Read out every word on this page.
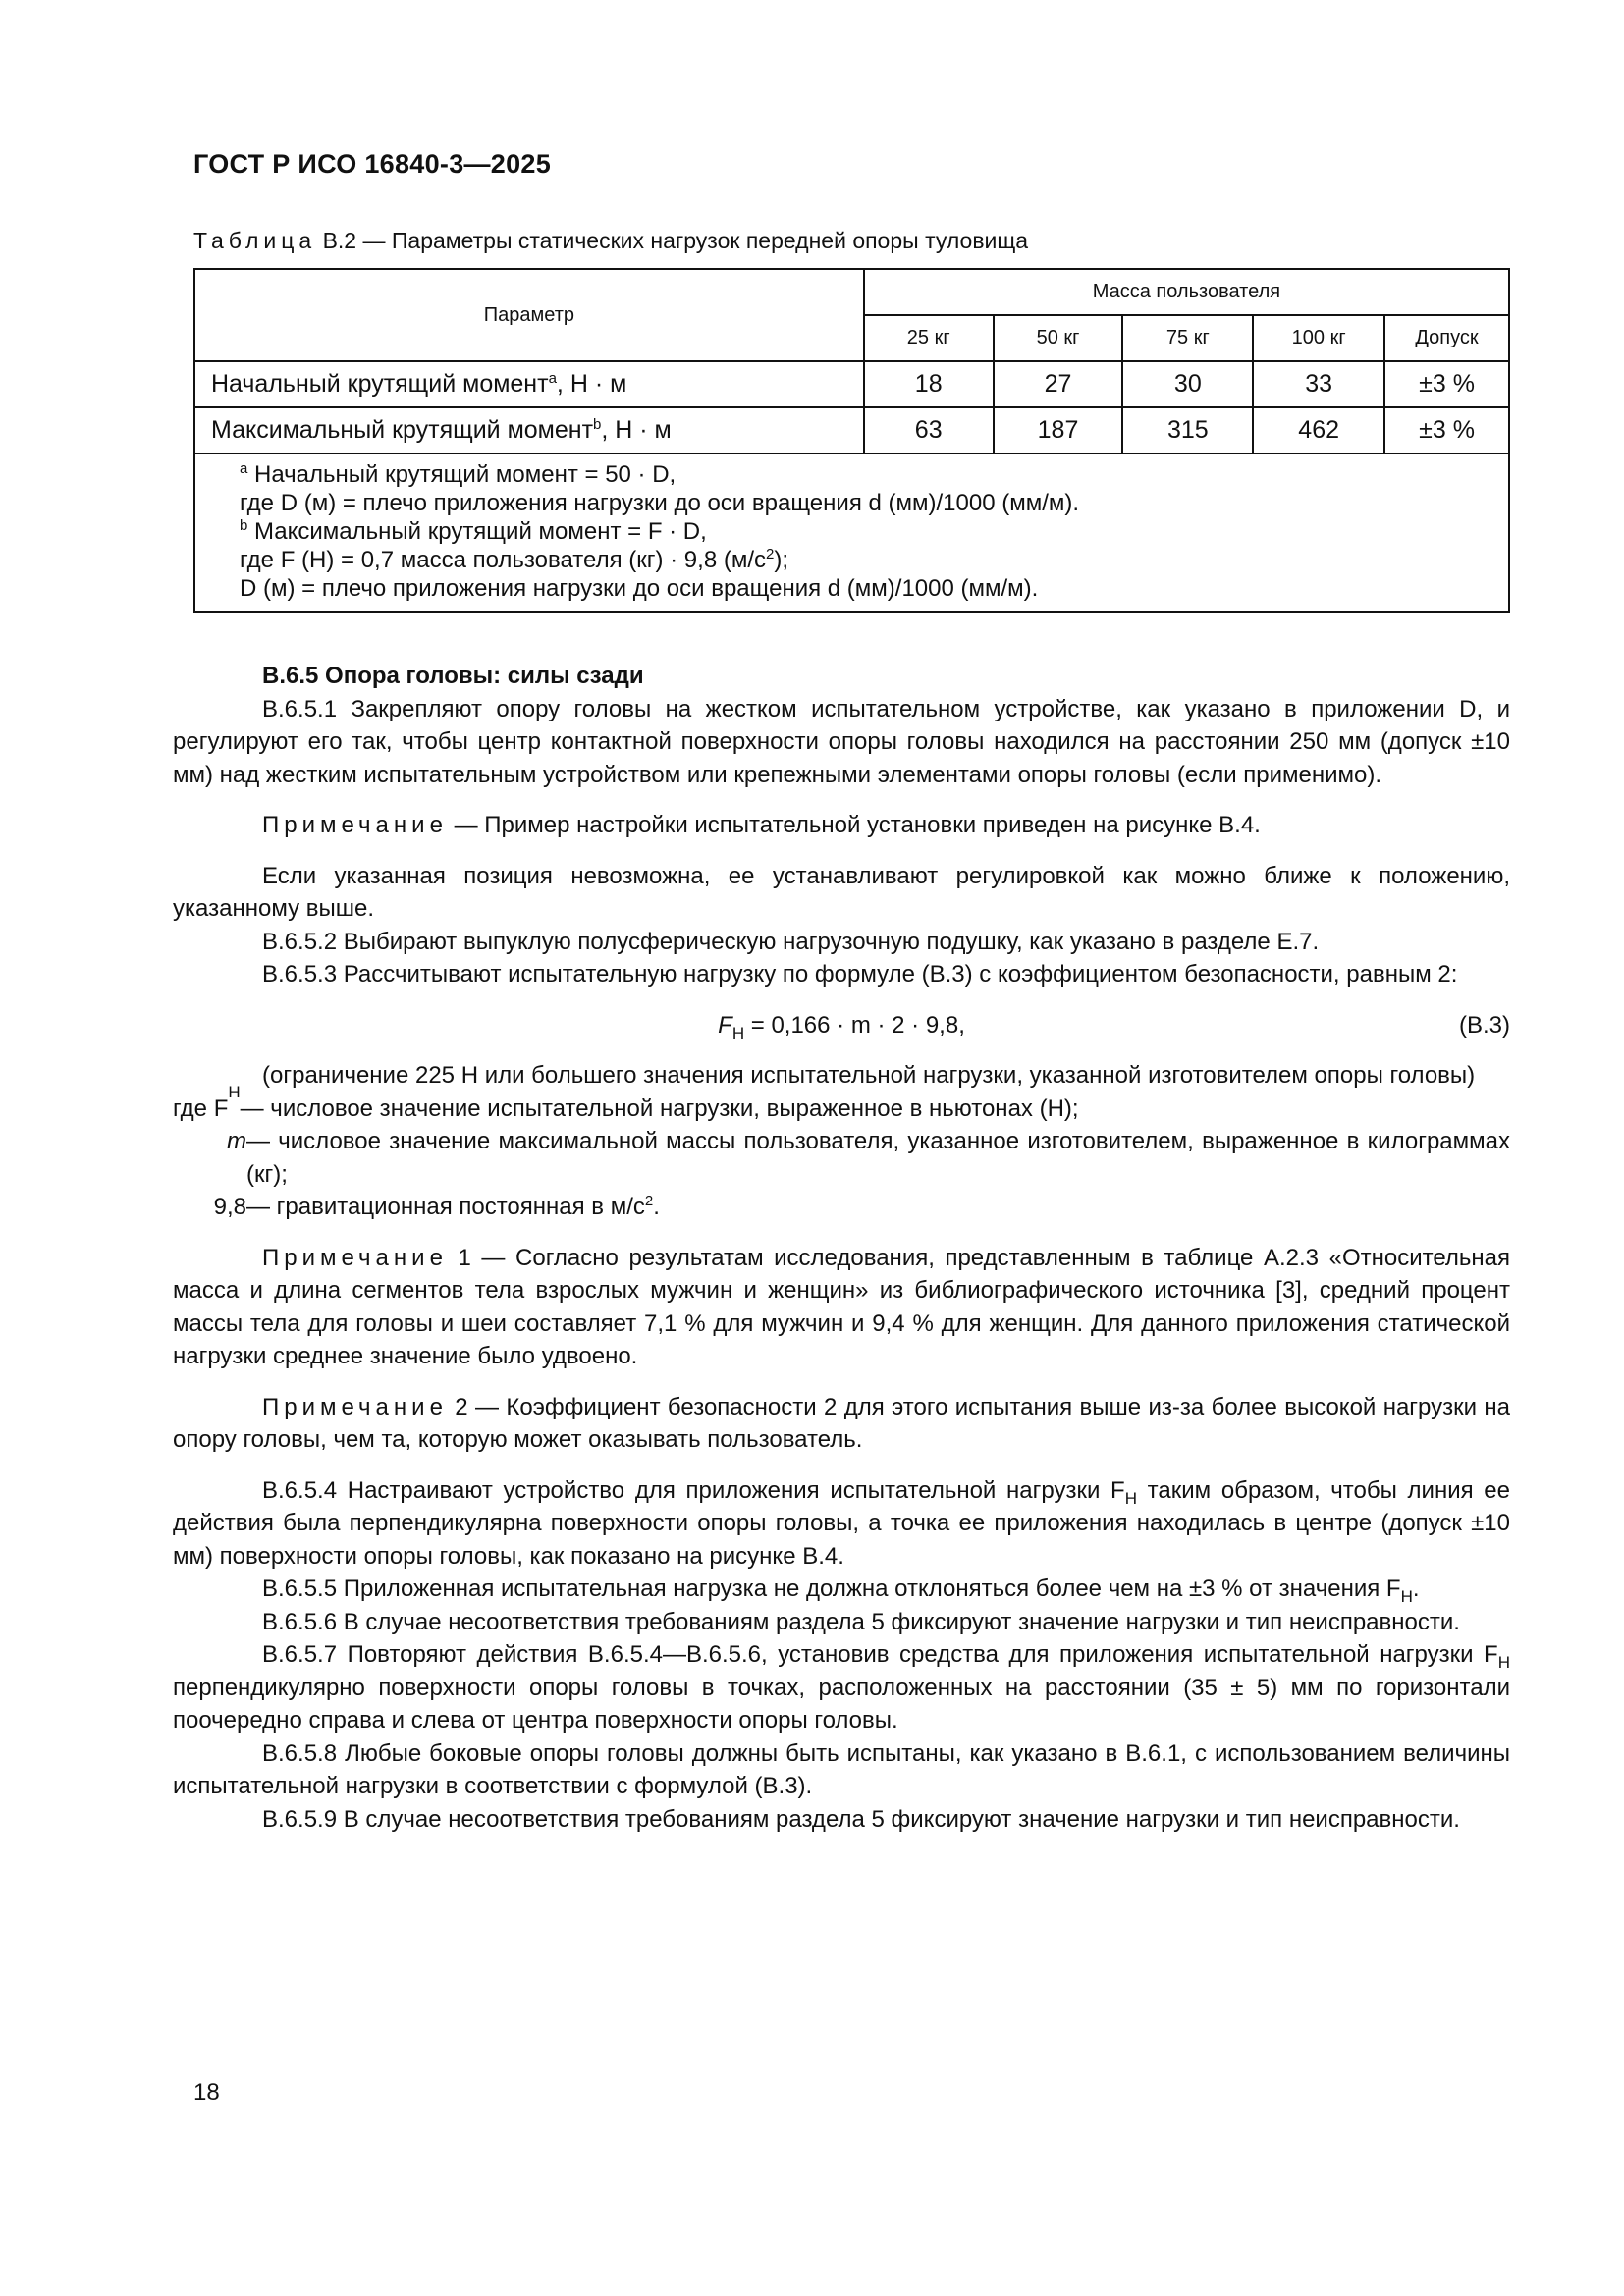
ГОСТ Р ИСО 16840-3—2025
Таблица В.2 — Параметры статических нагрузок передней опоры туловища
Параметр	Масса пользователя				
	25 кг	50 кг	75 кг	100 кг	Допуск
Начальный крутящий момент$^a$, Н · м	18	27	30	33	±3 %
Максимальный крутящий момент$^b$, Н · м	63	187	315	462	±3 %

$^a$ Начальный крутящий момент = 50 · D,
где D (м) = плечо приложения нагрузки до оси вращения d (мм)/1000 (мм/м).
$^b$ Максимальный крутящий момент = F · D,
где F (Н) = 0,7 масса пользователя (кг) · 9,8 $(м/с^2)$;
D (м) = плечо приложения нагрузки до оси вращения d (мм)/1000 (мм/м).					

В.6.5 Опора головы: силы сзади

В.6.5.1 Закрепляют опору головы на жестком испытательном устройстве, как указано в приложении D, и регулируют его так, чтобы центр контактной поверхности опоры головы находился на расстоянии 250 мм (допуск ±10 мм) над жестким испытательным устройством или крепежными элементами опоры головы (если применимо).

Примечание — Пример настройки испытательной установки приведен на рисунке В.4.

Если указанная позиция невозможна, ее устанавливают регулировкой как можно ближе к положению, указанному выше.

В.6.5.2 Выбирают выпуклую полусферическую нагрузочную подушку, как указано в разделе Е.7.

В.6.5.3 Рассчитывают испытательную нагрузку по формуле (В.3) с коэффициентом безопасности, равным 2:

$F_Н = 0,166 \cdot m \cdot 2 \cdot 9,8$,	(В.3)

(ограничение 225 Н или большего значения испытательной нагрузки, указанной изготовителем опоры головы)

где F
Н
— числовое значение испытательной нагрузки, выраженное в ньютонах (Н);
m — числовое значение максимальной массы пользователя, указанное изготовителем, выраженное в килограммах (кг);
9,8 — гравитационная постоянная в $м/с^2$.

Примечание 1 — Согласно результатам исследования, представленным в таблице А.2.3 «Относительная масса и длина сегментов тела взрослых мужчин и женщин» из библиографического источника [3], средний процент массы тела для головы и шеи составляет 7,1 % для мужчин и 9,4 % для женщин. Для данного приложения статической нагрузки среднее значение было удвоено.

Примечание 2 — Коэффициент безопасности 2 для этого испытания выше из-за более высокой нагрузки на опору головы, чем та, которую может оказывать пользователь.

В.6.5.4 Настраивают устройство для приложения испытательной нагрузки $F_Н$ таким образом, чтобы линия ее действия была перпендикулярна поверхности опоры головы, а точка ее приложения находилась в центре (допуск ±10 мм) поверхности опоры головы, как показано на рисунке В.4.

В.6.5.5 Приложенная испытательная нагрузка не должна отклоняться более чем на ±3 % от значения $F_Н$.

В.6.5.6 В случае несоответствия требованиям раздела 5 фиксируют значение нагрузки и тип неисправности.

В.6.5.7 Повторяют действия В.6.5.4—В.6.5.6, установив средства для приложения испытательной нагрузки $F_Н$ перпендикулярно поверхности опоры головы в точках, расположенных на расстоянии (35 ± 5) мм по горизонтали поочередно справа и слева от центра поверхности опоры головы.

В.6.5.8 Любые боковые опоры головы должны быть испытаны, как указано в В.6.1, с использованием величины испытательной нагрузки в соответствии с формулой (В.3).

В.6.5.9 В случае несоответствия требованиям раздела 5 фиксируют значение нагрузки и тип неисправности.

18
